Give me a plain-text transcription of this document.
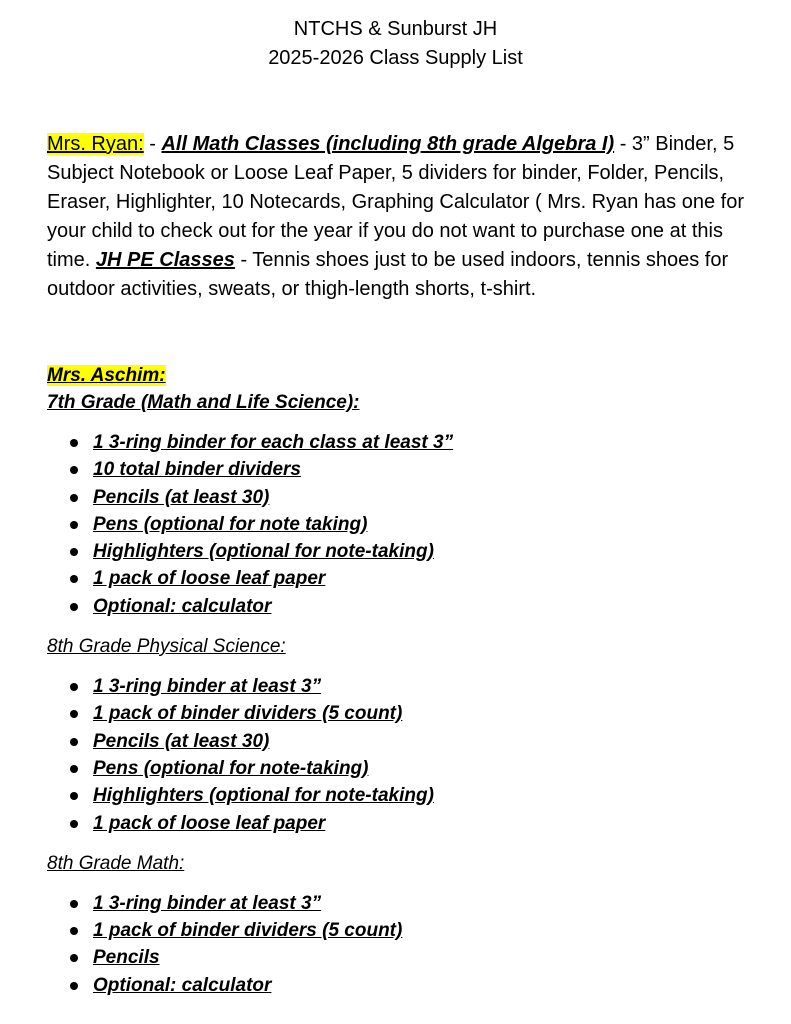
NTCHS & Sunburst JH
2025-2026 Class Supply List
Mrs. Ryan: - All Math Classes (including 8th grade Algebra I) - 3” Binder, 5 Subject Notebook or Loose Leaf Paper, 5 dividers for binder, Folder, Pencils, Eraser, Highlighter, 10 Notecards, Graphing Calculator ( Mrs. Ryan has one for your child to check out for the year if you do not want to purchase one at this time. JH PE Classes - Tennis shoes just to be used indoors, tennis shoes for outdoor activities, sweats, or thigh-length shorts, t-shirt.

Mrs. Aschim:

7th Grade (Math and Life Science):

1 3-ring binder for each class at least 3”
10 total binder dividers
Pencils (at least 30)
Pens (optional for note taking)
Highlighters (optional for note-taking)
1 pack of loose leaf paper
Optional: calculator

8th Grade Physical Science:

1 3-ring binder at least 3”
1 pack of binder dividers (5 count)
Pencils (at least 30)
Pens (optional for note-taking)
Highlighters (optional for note-taking)
1 pack of loose leaf paper

8th Grade Math:

1 3-ring binder at least 3”
1 pack of binder dividers (5 count)
Pencils
Optional: calculator
